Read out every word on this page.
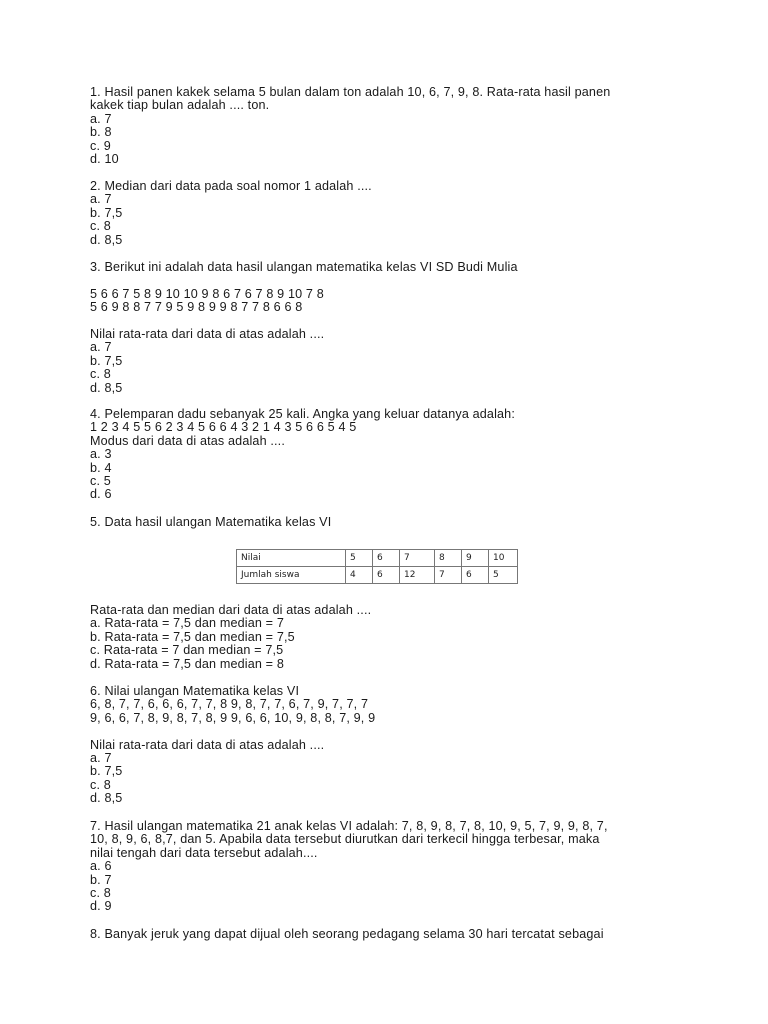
1. Hasil panen kakek selama 5 bulan dalam ton adalah 10, 6, 7, 9, 8. Rata-rata hasil panen
kakek tiap bulan adalah .... ton.
a. 7
b. 8
c. 9
d. 10
2. Median dari data pada soal nomor 1 adalah ....
a. 7
b. 7,5
c. 8
d. 8,5
3. Berikut ini adalah data hasil ulangan matematika kelas VI SD Budi Mulia
5 6 6 7 5 8 9 10 10 9 8 6 7 6 7 8 9 10 7 8
5 6 9 8 8 7 7 9 5 9 8 9 9 8 7 7 8 6 6 8
Nilai rata-rata dari data di atas adalah ....
a. 7
b. 7,5
c. 8
d. 8,5
4. Pelemparan dadu sebanyak 25 kali. Angka yang keluar datanya adalah:
1 2 3 4 5 5 6 2 3 4 5 6 6 4 3 2 1 4 3 5 6 6 5 4 5
Modus dari data di atas adalah ....
a. 3
b. 4
c. 5
d. 6
5. Data hasil ulangan Matematika kelas VI
Nilai	5	6	7	8	9	10
Jumlah siswa	4	6	12	7	6	5
Rata-rata dan median dari data di atas adalah ....
a. Rata-rata = 7,5 dan median = 7
b. Rata-rata = 7,5 dan median = 7,5
c. Rata-rata = 7 dan median = 7,5
d. Rata-rata = 7,5 dan median = 8
6. Nilai ulangan Matematika kelas VI
6, 8, 7, 7, 6, 6, 6, 7, 7, 8 9, 8, 7, 7, 6, 7, 9, 7, 7, 7
9, 6, 6, 7, 8, 9, 8, 7, 8, 9 9, 6, 6, 10, 9, 8, 8, 7, 9, 9
Nilai rata-rata dari data di atas adalah ....
a. 7
b. 7,5
c. 8
d. 8,5
7. Hasil ulangan matematika 21 anak kelas VI adalah: 7, 8, 9, 8, 7, 8, 10, 9, 5, 7, 9, 9, 8, 7,
10, 8, 9, 6, 8,7, dan 5. Apabila data tersebut diurutkan dari terkecil hingga terbesar, maka
nilai tengah dari data tersebut adalah....
a. 6
b. 7
c. 8
d. 9
8. Banyak jeruk yang dapat dijual oleh seorang pedagang selama 30 hari tercatat sebagai
